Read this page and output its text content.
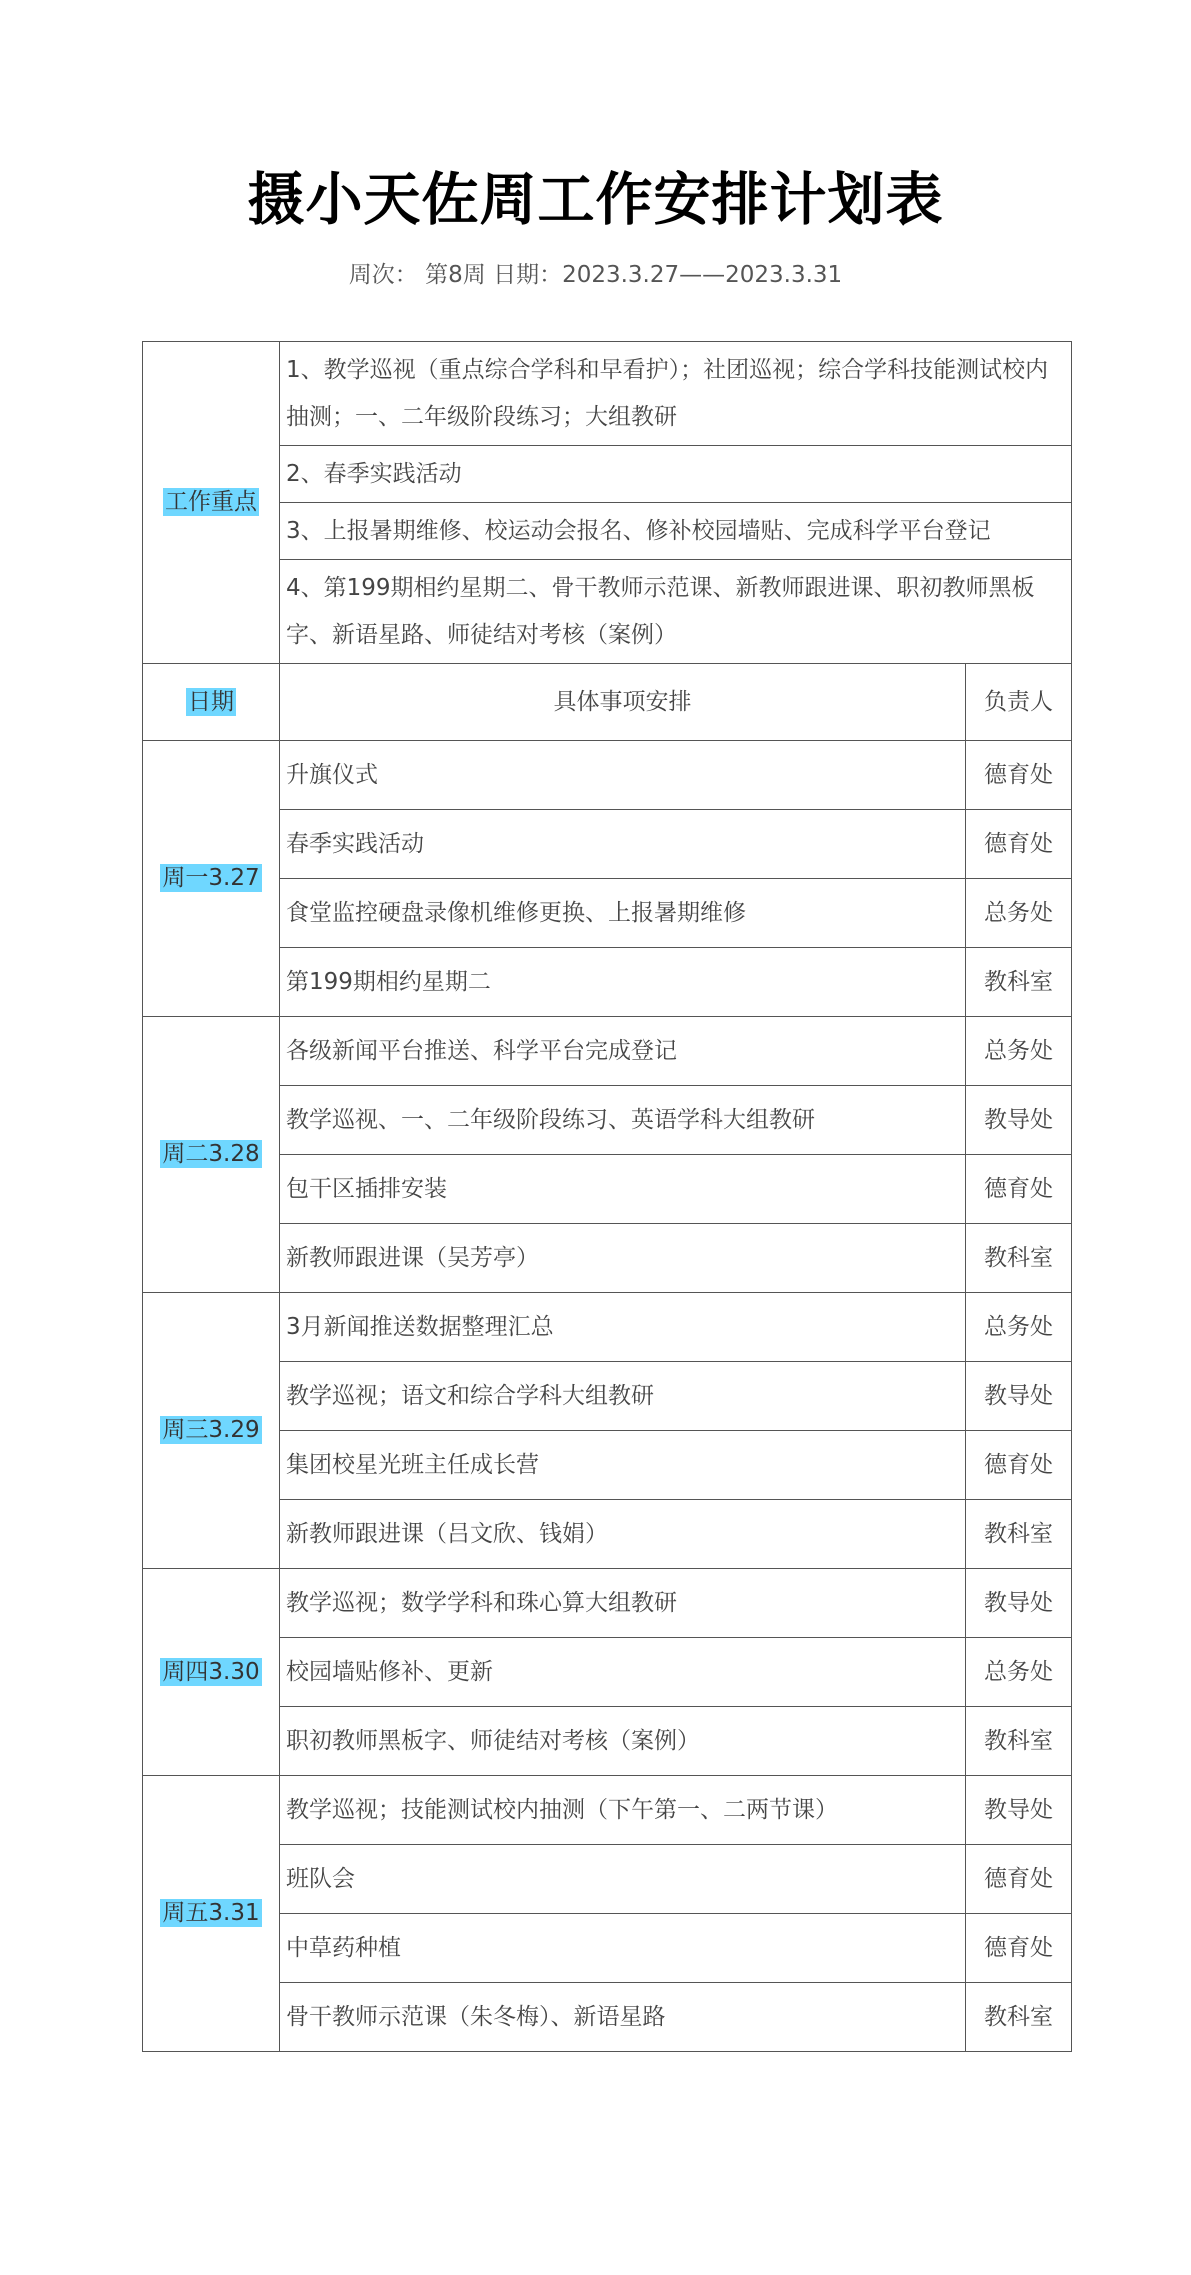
摄小天佐周工作安排计划表
周次： 第8周 日期：2023.3.27——2023.3.31
工作重点	1、教学巡视（重点综合学科和早看护）；社团巡视；综合学科技能测试校内抽测；一、二年级阶段练习；大组教研	
	2、春季实践活动	
	3、上报暑期维修、校运动会报名、修补校园墙贴、完成科学平台登记	
	4、第199期相约星期二、骨干教师示范课、新教师跟进课、职初教师黑板字、新语星路、师徒结对考核（案例）	
日期	具体事项安排	负责人
周一3.27	升旗仪式	德育处
	春季实践活动	德育处
	食堂监控硬盘录像机维修更换、上报暑期维修	总务处
	第199期相约星期二	教科室
周二3.28	各级新闻平台推送、科学平台完成登记	总务处
	教学巡视、一、二年级阶段练习、英语学科大组教研	教导处
	包干区插排安装	德育处
	新教师跟进课（吴芳亭）	教科室
周三3.29	3月新闻推送数据整理汇总	总务处
	教学巡视；语文和综合学科大组教研	教导处
	集团校星光班主任成长营	德育处
	新教师跟进课（吕文欣、钱娟）	教科室
周四3.30	教学巡视；数学学科和珠心算大组教研	教导处
	校园墙贴修补、更新	总务处
	职初教师黑板字、师徒结对考核（案例）	教科室
周五3.31	教学巡视；技能测试校内抽测（下午第一、二两节课）	教导处
	班队会	德育处
	中草药种植	德育处
	骨干教师示范课（朱冬梅）、新语星路	教科室
